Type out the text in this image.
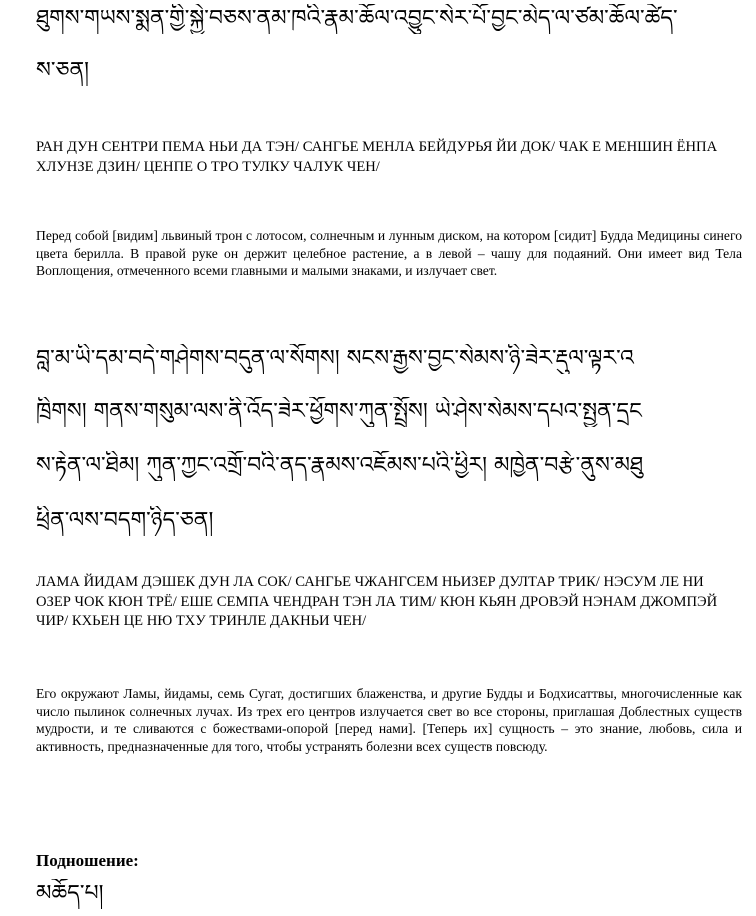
ཐུགས་གཡས་སྨན་གྱི་སྐྱེ་བཅས་ནམ་ཁའི་རྣམ་ཆོལ་འབྱུང་སེར་པོ་བྱང་མེད་ལ་ཙམ་ཆོལ་ཚེད་
ས་ཅན།
РАН ДУН СЕНТРИ ПЕМА НЬИ ДА ТЭН/ САНГЬЕ МЕНЛА БЕЙДУРЬЯ ЙИ ДОК/ ЧАК Е МЕНШИН ЁНПА ХЛУНЗЕ ДЗИН/ ЦЕНПЕ О ТРО ТУЛКУ ЧАЛУК ЧЕН/
Перед собой [видим] львиный трон с лотосом, солнечным и лунным диском, на котором [сидит] Будда Медицины синего цвета берилла. В правой руке он держит целебное растение, а в левой – чашу для подаяний. Они имеет вид Тела Воплощения, отмеченного всеми главными и малыми знаками, и излучает свет.
བླ་མ་ཡི་དམ་བདེ་གཤེགས་བདུན་ལ་སོགས། སངས་རྒྱས་བྱང་སེམས་ཉི་ཟེར་རྡུལ་ལྟར་འ
ཁྲིགས། གནས་གསུམ་ལས་ནི་འོད་ཟེར་ཕྱོགས་ཀུན་སྤྲོས། ཡེ་ཤེས་སེམས་དཔའ་སྤྱན་དྲང
ས་རྟེན་ལ་ཐིམ། ཀུན་ཀྱང་འགྲོ་བའི་ནད་རྣམས་འཇོམས་པའི་ཕྱིར། མཁྱེན་བརྩེ་ནུས་མཐུ
ཕྲིན་ལས་བདག་ཉིད་ཅན།
ЛАМА ЙИДАМ ДЭШЕК ДУН ЛА СОК/ САНГЬЕ ЧЖАНГСЕМ НЬИЗЕР ДУЛТАР ТРИК/ НЭСУМ ЛЕ НИ ОЗЕР ЧОК КЮН ТРЁ/ ЕШЕ СЕМПА ЧЕНДРАН ТЭН ЛА ТИМ/ КЮН КЬЯН ДРОВЭЙ НЭНАМ ДЖОМПЭЙ ЧИР/ КХЬЕН ЦЕ НЮ ТХУ ТРИНЛЕ ДАКНЬИ ЧЕН/
Его окружают Ламы, йидамы, семь Сугат, достигших блаженства, и другие Будды и Бодхисаттвы, многочисленные как число пылинок солнечных лучах. Из трех его центров излучается свет во все стороны, приглашая Доблестных существ мудрости, и те сливаются с божествами-опорой [перед нами]. [Теперь их] сущность – это знание, любовь, сила и активность, предназначенные для того, чтобы устранять болезни всех существ повсюду.
Подношение:
མཆོད་པ།
